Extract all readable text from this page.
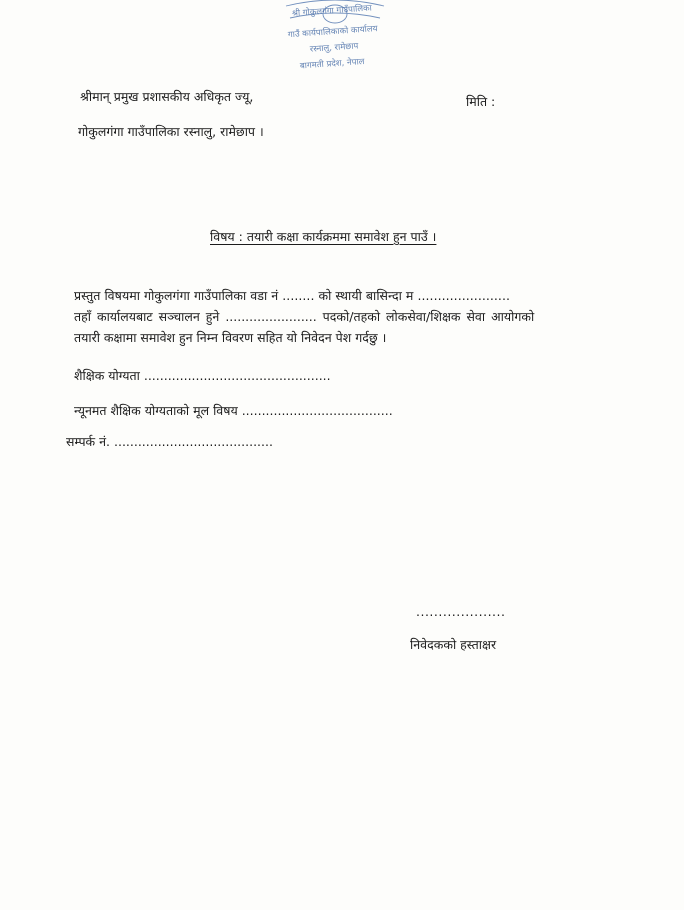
श्री गोकुलगंगा गाउँपालिका
गाउँ कार्यपालिकाको कार्यालय
रस्नालु, रामेछाप
बागमती प्रदेश, नेपाल
श्रीमान् प्रमुख प्रशासकीय अधिकृत ज्यू,	मिति :
गोकुलगंगा गाउँपालिका रस्नालु, रामेछाप ।
विषय : तयारी कक्षा कार्यक्रममा समावेश हुन पाउँ ।
प्रस्तुत विषयमा गोकुलगंगा गाउँपालिका वडा नं ........ को स्थायी बासिन्दा म .......................
तहाँ कार्यालयबाट सञ्चालन हुने ....................... पदको/तहको लोकसेवा/शिक्षक सेवा आयोगको
तयारी कक्षामा समावेश हुन निम्न विवरण सहित यो निवेदन पेश गर्दछु ।
शैक्षिक योग्यता ...............................................
न्यूनमत शैक्षिक योग्यताको मूल विषय ......................................
सम्पर्क नं. ........................................
....................
निवेदकको हस्ताक्षर
